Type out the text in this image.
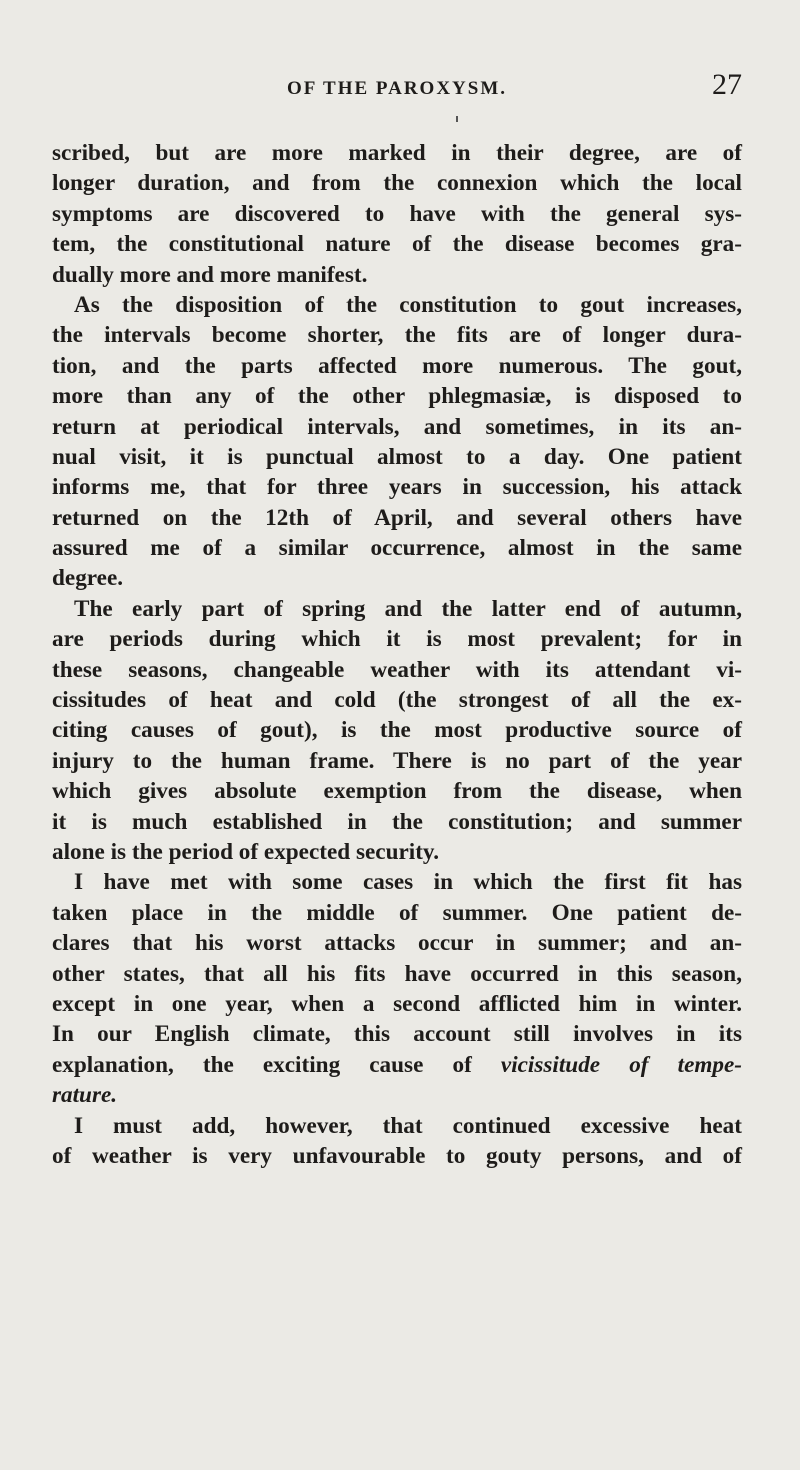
OF THE PAROXYSM.	27
scribed, but are more marked in their degree, are of
longer duration, and from the connexion which the local
symptoms are discovered to have with the general sys-
tem, the constitutional nature of the disease becomes gra-
dually more and more manifest.
As the disposition of the constitution to gout increases,
the intervals become shorter, the fits are of longer dura-
tion, and the parts affected more numerous. The gout,
more than any of the other phlegmasiæ, is disposed to
return at periodical intervals, and sometimes, in its an-
nual visit, it is punctual almost to a day. One patient
informs me, that for three years in succession, his attack
returned on the 12th of April, and several others have
assured me of a similar occurrence, almost in the same
degree.
The early part of spring and the latter end of autumn,
are periods during which it is most prevalent; for in
these seasons, changeable weather with its attendant vi-
cissitudes of heat and cold (the strongest of all the ex-
citing causes of gout), is the most productive source of
injury to the human frame. There is no part of the year
which gives absolute exemption from the disease, when
it is much established in the constitution; and summer
alone is the period of expected security.
I have met with some cases in which the first fit has
taken place in the middle of summer. One patient de-
clares that his worst attacks occur in summer; and an-
other states, that all his fits have occurred in this season,
except in one year, when a second afflicted him in winter.
In our English climate, this account still involves in its
explanation, the exciting cause of vicissitude of tempe-
rature.
I must add, however, that continued excessive heat
of weather is very unfavourable to gouty persons, and of
